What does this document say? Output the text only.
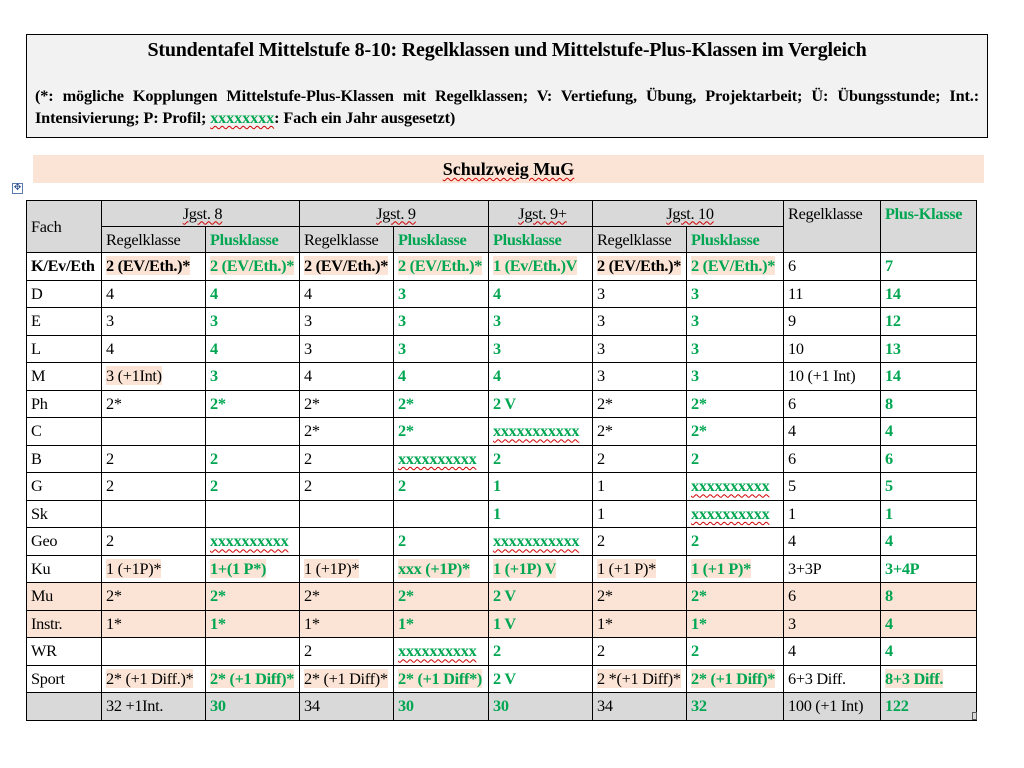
Stundentafel Mittelstufe 8-10: Regelklassen und Mittelstufe-Plus-Klassen im Vergleich
(*: mögliche Kopplungen Mittelstufe-Plus-Klassen mit Regelklassen; V: Vertiefung, Übung, Projektarbeit; Ü: Übungsstunde; Int.: Intensivierung; P: Profil; xxxxxxxx: Fach ein Jahr ausgesetzt)
Schulzweig MuG
✥
Fach	Jgst. 8		Jgst. 9		Jgst. 9+	Jgst. 10		Regelklasse	Plus-Klasse
	Regelklasse	Plusklasse	Regelklasse	Plusklasse	Plusklasse	Regelklasse	Plusklasse		
K/Ev/Eth	2 (EV/Eth.)*	2 (EV/Eth.)*	2 (EV/Eth.)*	2 (EV/Eth.)*	1 (Ev/Eth.)V	2 (EV/Eth.)*	2 (EV/Eth.)*	6	7
D	4	4	4	3	4	3	3	11	14
E	3	3	3	3	3	3	3	9	12
L	4	4	3	3	3	3	3	10	13
M	3 (+1Int)	3	4	4	4	3	3	10 (+1 Int)	14
Ph	2*	2*	2*	2*	2 V	2*	2*	6	8
C			2*	2*	xxxxxxxxxxx	2*	2*	4	4
B	2	2	2	xxxxxxxxxx	2	2	2	6	6
G	2	2	2	2	1	1	xxxxxxxxxx	5	5
Sk					1	1	xxxxxxxxxx	1	1
Geo	2	xxxxxxxxxx		2	xxxxxxxxxxx	2	2	4	4
Ku	1 (+1P)*	1+(1 P*)	1 (+1P)*	xxx (+1P)*	1 (+1P) V	1 (+1 P)*	1 (+1 P)*	3+3P	3+4P
Mu	2*	2*	2*	2*	2 V	2*	2*	6	8
Instr.	1*	1*	1*	1*	1 V	1*	1*	3	4
WR			2	xxxxxxxxxx	2	2	2	4	4
Sport	2* (+1 Diff.)*	2* (+1 Diff)*	2* (+1 Diff)*	2* (+1 Diff*)	2 V	2 *(+1 Diff)*	2* (+1 Diff)*	6+3 Diff.	8+3 Diff.
	32 +1Int.	30	34	30	30	34	32	100 (+1 Int)	122
